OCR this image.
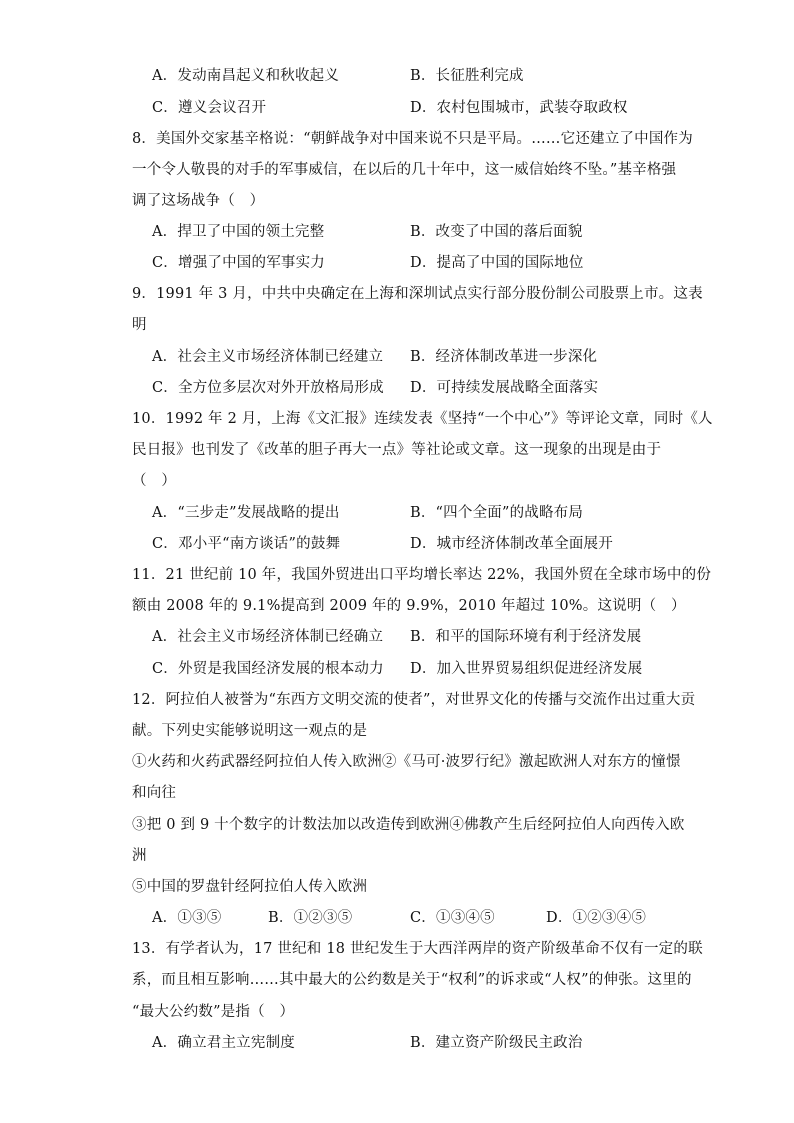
A．发动南昌起义和秋收起义	B．长征胜利完成
C．遵义会议召开	D．农村包围城市，武装夺取政权
8．美国外交家基辛格说：“朝鲜战争对中国来说不只是平局。……它还建立了中国作为
一个令人敬畏的对手的军事威信，在以后的几十年中，这一威信始终不坠。”基辛格强
调了这场战争（　）
A．捍卫了中国的领土完整	B．改变了中国的落后面貌
C．增强了中国的军事实力	D．提高了中国的国际地位
9．1991 年 3 月，中共中央确定在上海和深圳试点实行部分股份制公司股票上市。这表
明
A．社会主义市场经济体制已经建立 B．经济体制改革进一步深化
C．全方位多层次对外开放格局形成 D．可持续发展战略全面落实
10．1992 年 2 月，上海《文汇报》连续发表《坚持“一个中心”》等评论文章，同时《人
民日报》也刊发了《改革的胆子再大一点》等社论或文章。这一现象的出现是由于
（　）
A．“三步走”发展战略的提出	B．“四个全面”的战略布局
C．邓小平“南方谈话”的鼓舞	D．城市经济体制改革全面展开
11．21 世纪前 10 年，我国外贸进出口平均增长率达 22%，我国外贸在全球市场中的份
额由 2008 年的 9.1%提高到 2009 年的 9.9%，2010 年超过 10%。这说明（　）
A．社会主义市场经济体制已经确立 B．和平的国际环境有利于经济发展
C．外贸是我国经济发展的根本动力 D．加入世界贸易组织促进经济发展
12．阿拉伯人被誉为“东西方文明交流的使者”，对世界文化的传播与交流作出过重大贡
献。下列史实能够说明这一观点的是
①火药和火药武器经阿拉伯人传入欧洲②《马可·波罗行纪》激起欧洲人对东方的憧憬
和向往
③把 0 到 9 十个数字的计数法加以改造传到欧洲④佛教产生后经阿拉伯人向西传入欧
洲
⑤中国的罗盘针经阿拉伯人传入欧洲
A．①③⑤	B．①②③⑤	C．①③④⑤	D．①②③④⑤
13．有学者认为，17 世纪和 18 世纪发生于大西洋两岸的资产阶级革命不仅有一定的联
系，而且相互影响……其中最大的公约数是关于“权利”的诉求或“人权”的伸张。这里的
“最大公约数”是指（　）
A．确立君主立宪制度	B．建立资产阶级民主政治
